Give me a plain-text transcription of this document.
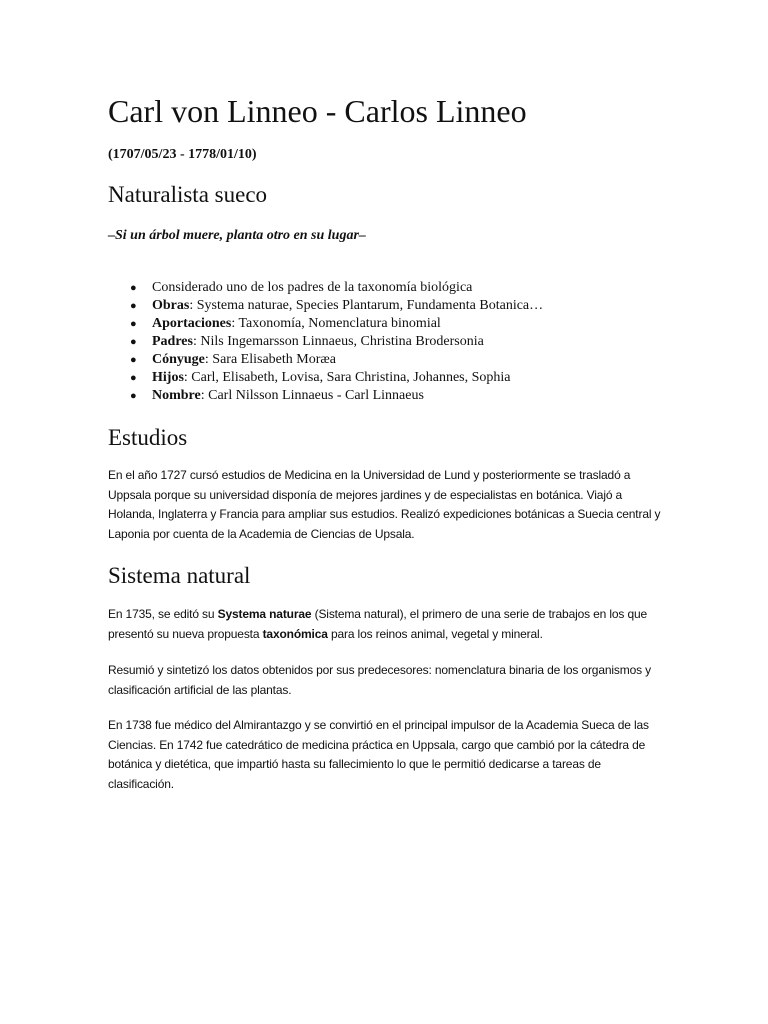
Carl von Linneo - Carlos Linneo
(1707/05/23 - 1778/01/10)
Naturalista sueco
–Si un árbol muere, planta otro en su lugar–
● Considerado uno de los padres de la taxonomía biológica
● Obras: Systema naturae, Species Plantarum, Fundamenta Botanica…
● Aportaciones: Taxonomía, Nomenclatura binomial
● Padres: Nils Ingemarsson Linnaeus, Christina Brodersonia
● Cónyuge: Sara Elisabeth Moræa
● Hijos: Carl, Elisabeth, Lovisa, Sara Christina, Johannes, Sophia
● Nombre: Carl Nilsson Linnaeus - Carl Linnaeus
Estudios

En el año 1727 cursó estudios de Medicina en la Universidad de Lund y posteriormente se trasladó a Uppsala porque su universidad disponía de mejores jardines y de especialistas en botánica. Viajó a Holanda, Inglaterra y Francia para ampliar sus estudios. Realizó expediciones botánicas a Suecia central y Laponia por cuenta de la Academia de Ciencias de Upsala.

Sistema natural

En 1735, se editó su Systema naturae (Sistema natural), el primero de una serie de trabajos en los que presentó su nueva propuesta taxonómica para los reinos animal, vegetal y mineral.

Resumió y sintetizó los datos obtenidos por sus predecesores: nomenclatura binaria de los organismos y clasificación artificial de las plantas.

En 1738 fue médico del Almirantazgo y se convirtió en el principal impulsor de la Academia Sueca de las Ciencias. En 1742 fue catedrático de medicina práctica en Uppsala, cargo que cambió por la cátedra de botánica y dietética, que impartió hasta su fallecimiento lo que le permitió dedicarse a tareas de clasificación.
